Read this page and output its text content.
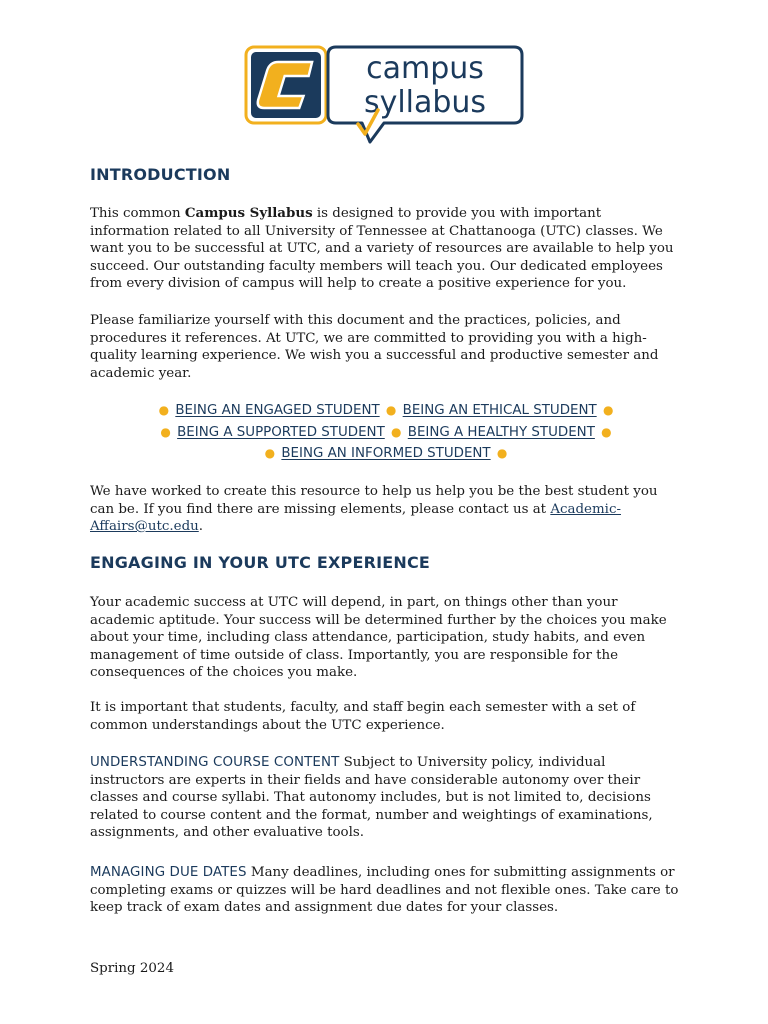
campus
syllabus
INTRODUCTION

This common Campus Syllabus is designed to provide you with important information related to all University of Tennessee at Chattanooga (UTC) classes. We want you to be successful at UTC, and a variety of resources are available to help you succeed. Our outstanding faculty members will teach you. Our dedicated employees from every division of campus will help to create a positive experience for you.

Please familiarize yourself with this document and the practices, policies, and procedures it references. At UTC, we are committed to providing you with a high-quality learning experience. We wish you a successful and productive semester and academic year.

● BEING AN ENGAGED STUDENT ● BEING AN ETHICAL STUDENT ●
● BEING A SUPPORTED STUDENT ● BEING A HEALTHY STUDENT ●
● BEING AN INFORMED STUDENT ●

We have worked to create this resource to help us help you be the best student you can be. If you find there are missing elements, please contact us at Academic-Affairs@utc.edu.

ENGAGING IN YOUR UTC EXPERIENCE

Your academic success at UTC will depend, in part, on things other than your academic aptitude. Your success will be determined further by the choices you make about your time, including class attendance, participation, study habits, and even management of time outside of class. Importantly, you are responsible for the consequences of the choices you make.

It is important that students, faculty, and staff begin each semester with a set of common understandings about the UTC experience.

UNDERSTANDING COURSE CONTENT Subject to University policy, individual instructors are experts in their fields and have considerable autonomy over their classes and course syllabi. That autonomy includes, but is not limited to, decisions related to course content and the format, number and weightings of examinations, assignments, and other evaluative tools.

MANAGING DUE DATES Many deadlines, including ones for submitting assignments or completing exams or quizzes will be hard deadlines and not flexible ones. Take care to keep track of exam dates and assignment due dates for your classes.

Spring 2024
